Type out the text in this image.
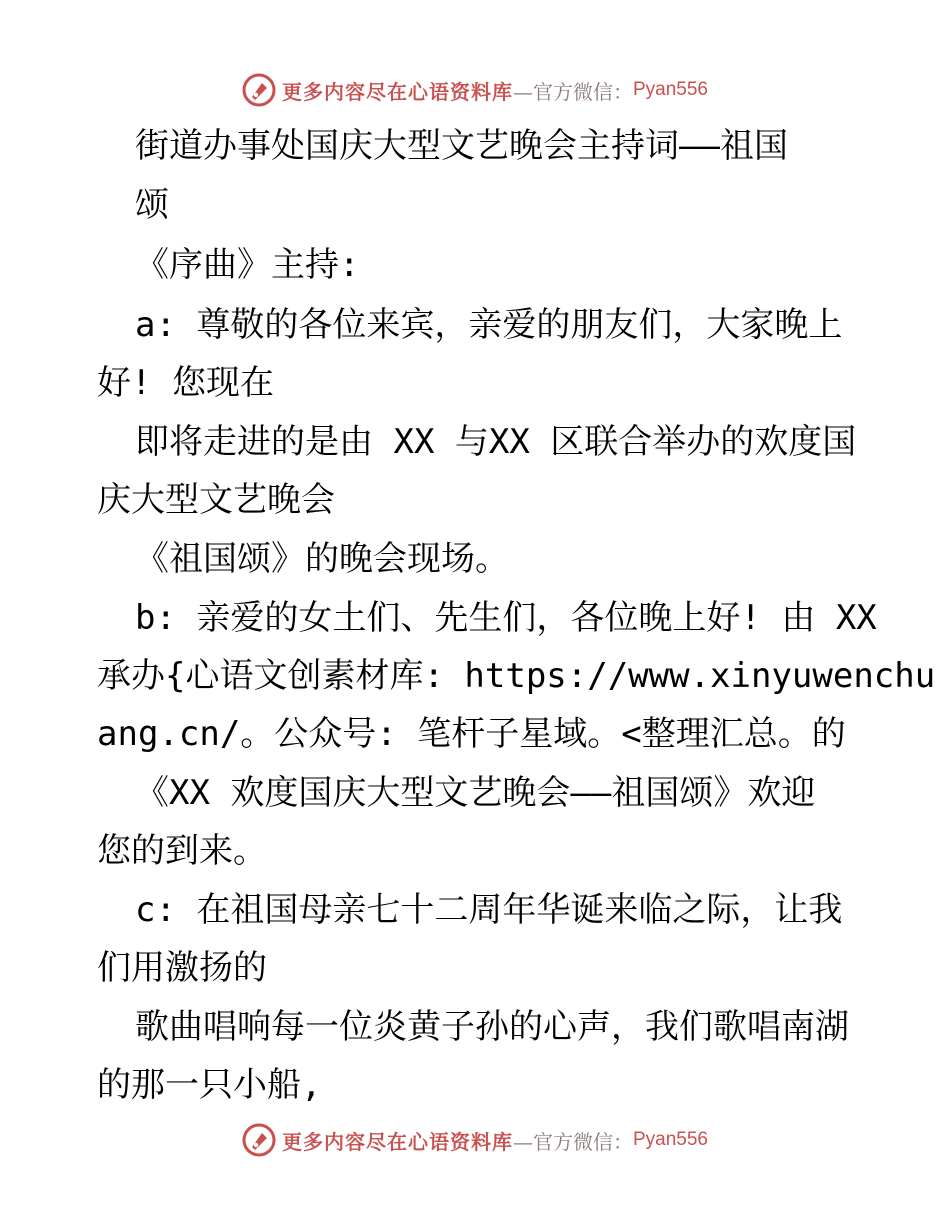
更多内容尽在心语资料库 —官方微信： Pyan556
街道办事处国庆大型文艺晚会主持词——祖国
颂
《序曲》主持:
a: 尊敬的各位来宾，亲爱的朋友们，大家晚上
好! 您现在
即将走进的是由 XX 与XX 区联合举办的欢度国
庆大型文艺晚会
《祖国颂》的晚会现场。
b: 亲爱的女土们、先生们，各位晚上好! 由 XX
承办{心语文创素材库: https://www.xinyuwenchu
ang.cn/。公众号: 笔杆子星域。<整理汇总。的
《XX 欢度国庆大型文艺晚会——祖国颂》欢迎
您的到来。
c: 在祖国母亲七十二周年华诞来临之际，让我
们用激扬的
歌曲唱响每一位炎黄子孙的心声，我们歌唱南湖
的那一只小船,
更多内容尽在心语资料库 —官方微信： Pyan556
